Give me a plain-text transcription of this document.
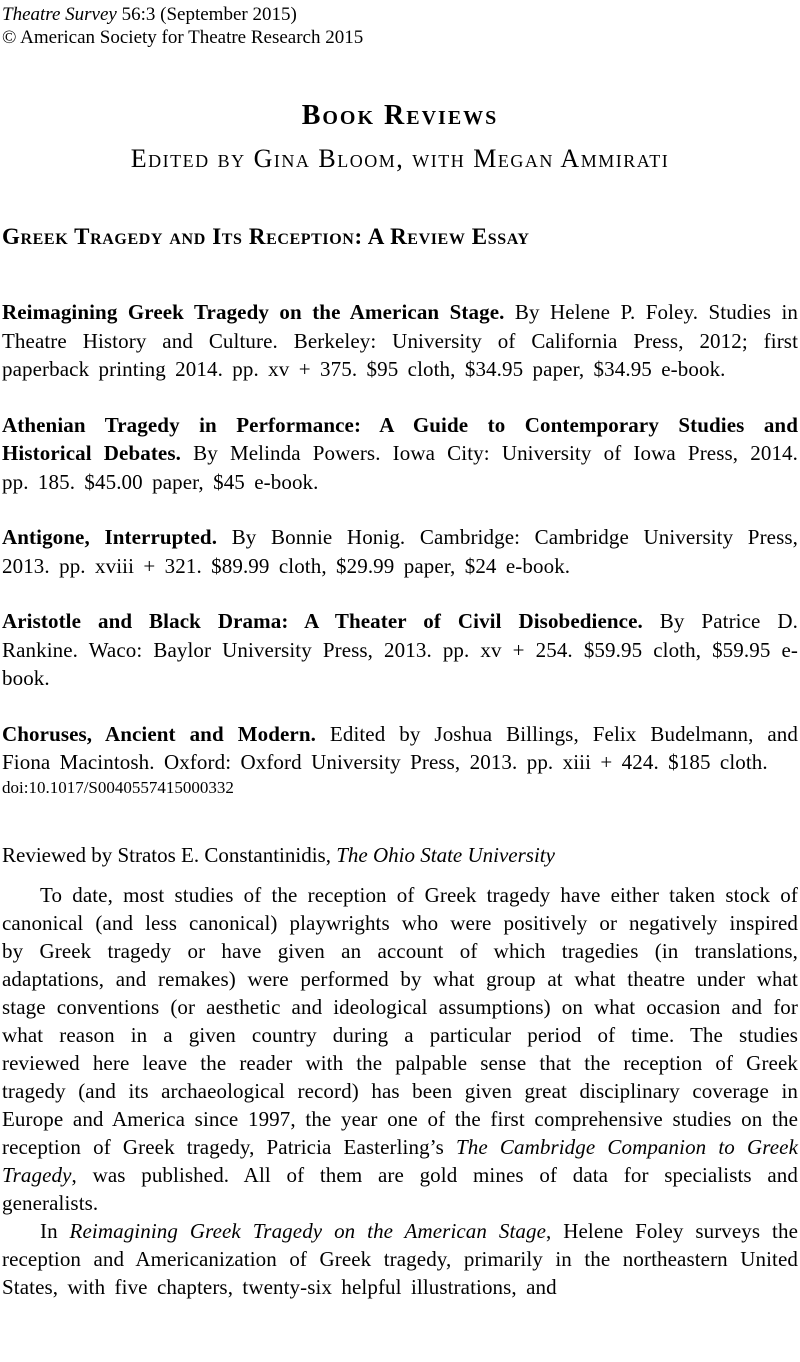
Theatre Survey 56:3 (September 2015)

© American Society for Theatre Research 2015

Book Reviews
Edited by Gina Bloom, with Megan Ammirati
Greek Tragedy and Its Reception: A Review Essay

Reimagining Greek Tragedy on the American Stage. By Helene P. Foley. Studies in Theatre History and Culture. Berkeley: University of California Press, 2012; first paperback printing 2014. pp. xv + 375. $95 cloth, $34.95 paper, $34.95 e-book.

Athenian Tragedy in Performance: A Guide to Contemporary Studies and Historical Debates. By Melinda Powers. Iowa City: University of Iowa Press, 2014. pp. 185. $45.00 paper, $45 e-book.

Antigone, Interrupted. By Bonnie Honig. Cambridge: Cambridge University Press, 2013. pp. xviii + 321. $89.99 cloth, $29.99 paper, $24 e-book.

Aristotle and Black Drama: A Theater of Civil Disobedience. By Patrice D. Rankine. Waco: Baylor University Press, 2013. pp. xv + 254. $59.95 cloth, $59.95 e-book.

Choruses, Ancient and Modern. Edited by Joshua Billings, Felix Budelmann, and Fiona Macintosh. Oxford: Oxford University Press, 2013. pp. xiii + 424. $185 cloth.

doi:10.1017/S0040557415000332

Reviewed by Stratos E. Constantinidis, The Ohio State University

To date, most studies of the reception of Greek tragedy have either taken stock of canonical (and less canonical) playwrights who were positively or negatively inspired by Greek tragedy or have given an account of which tragedies (in translations, adaptations, and remakes) were performed by what group at what theatre under what stage conventions (or aesthetic and ideological assumptions) on what occasion and for what reason in a given country during a particular period of time. The studies reviewed here leave the reader with the palpable sense that the reception of Greek tragedy (and its archaeological record) has been given great disciplinary coverage in Europe and America since 1997, the year one of the first comprehensive studies on the reception of Greek tragedy, Patricia Easterling’s The Cambridge Companion to Greek Tragedy, was published. All of them are gold mines of data for specialists and generalists.

In Reimagining Greek Tragedy on the American Stage, Helene Foley surveys the reception and Americanization of Greek tragedy, primarily in the northeastern United States, with five chapters, twenty-six helpful illustrations, and
